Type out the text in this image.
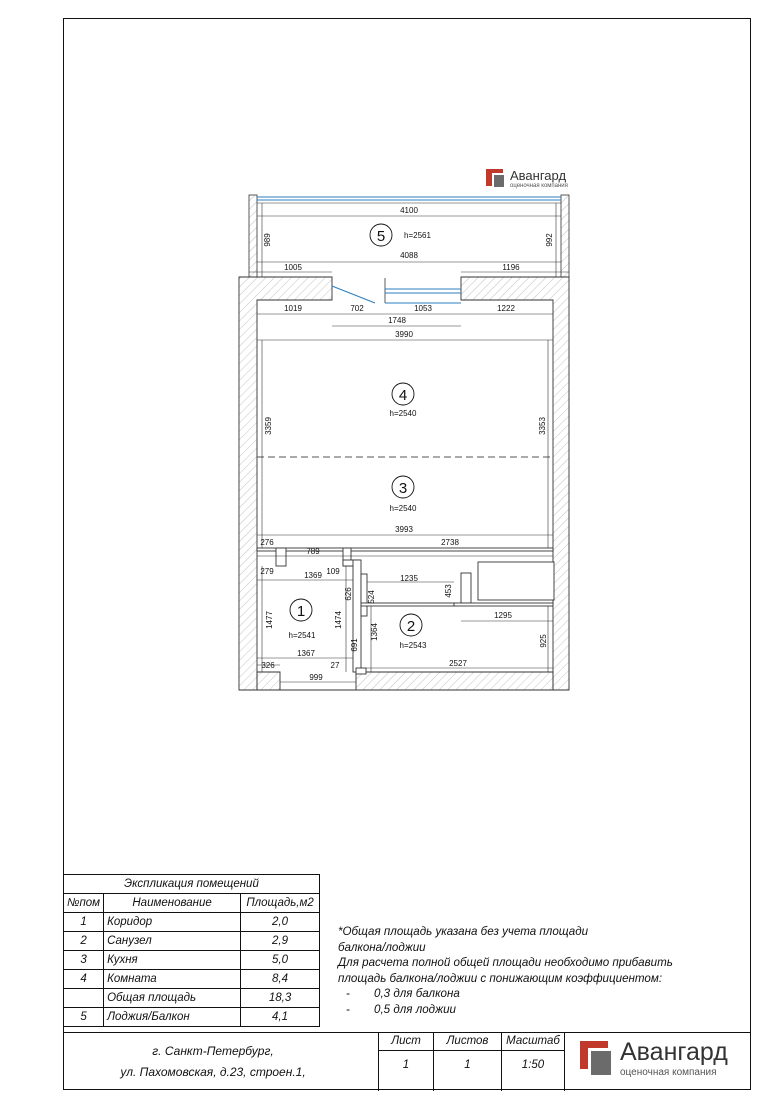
Авангард
оценочная компания
5 h=2561
4
h=2540
3
h=2540
1
h=2541
2
h=2543
4100
4088
989	992
1005	1196
1019	702	1053	1222
1748
3990
3359	3353
3993
276
789
2738
279	1369 109
1235
626 524	453
1295
1477	1474
1364
925
691
1367
2527
326	27
999
Экспликация помещений		
№пом	Наименование	Площадь,м2
1	Коридор	2,0
2	Санузел	2,9
3	Кухня	5,0
4	Комната	8,4
	Общая площадь	18,3
5	Лоджия/Балкон	4,1
*Общая площадь указана без учета площади
балкона/лоджии
Для расчета полной общей площади необходимо прибавить
площадь балкона/лоджии с понижающим коэффициентом:
- 0,3 для балкона
- 0,5 для лоджии
г. Санкт-Петербург,
ул. Пахомовская, д.23, строен.1,
Лист
1
Листов
1
Масштаб
1:50	Авангард
оценочная компания
